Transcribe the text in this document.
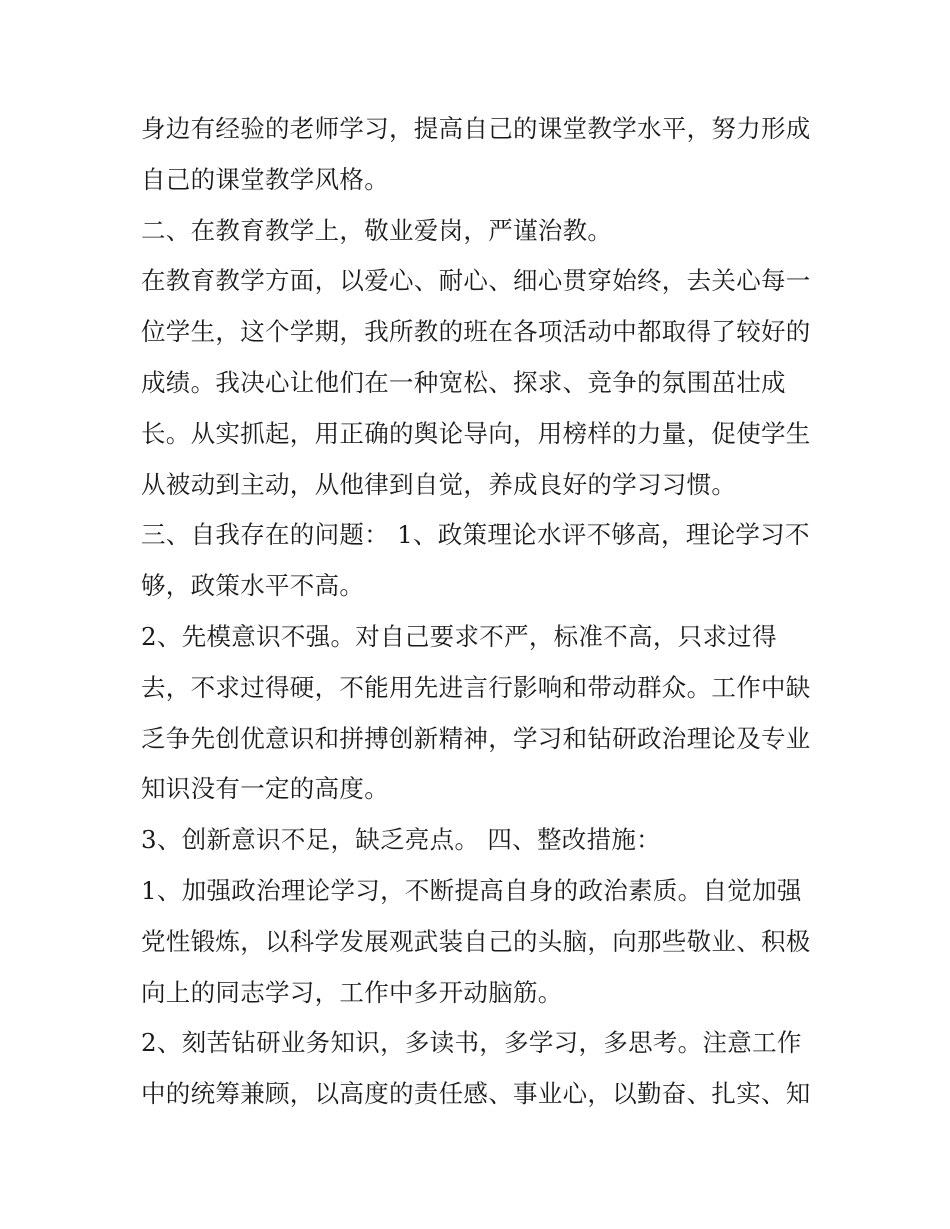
身边有经验的老师学习，提高自己的课堂教学水平，努力形成
自己的课堂教学风格。
二、在教育教学上，敬业爱岗，严谨治教。
在教育教学方面，以爱心、耐心、细心贯穿始终，去关心每一
位学生，这个学期，我所教的班在各项活动中都取得了较好的
成绩。我决心让他们在一种宽松、探求、竞争的氛围茁壮成
长。从实抓起，用正确的舆论导向，用榜样的力量，促使学生
从被动到主动，从他律到自觉，养成良好的学习习惯。
三、自我存在的问题： 1、政策理论水评不够高，理论学习不
够，政策水平不高。
2、先模意识不强。对自己要求不严，标准不高，只求过得
去，不求过得硬，不能用先进言行影响和带动群众。工作中缺
乏争先创优意识和拼搏创新精神，学习和钻研政治理论及专业
知识没有一定的高度。
3、创新意识不足，缺乏亮点。 四、整改措施：
1、加强政治理论学习，不断提高自身的政治素质。自觉加强
党性锻炼，以科学发展观武装自己的头脑，向那些敬业、积极
向上的同志学习，工作中多开动脑筋。
2、刻苦钻研业务知识，多读书，多学习，多思考。注意工作
中的统筹兼顾，以高度的责任感、事业心，以勤奋、扎实、知
